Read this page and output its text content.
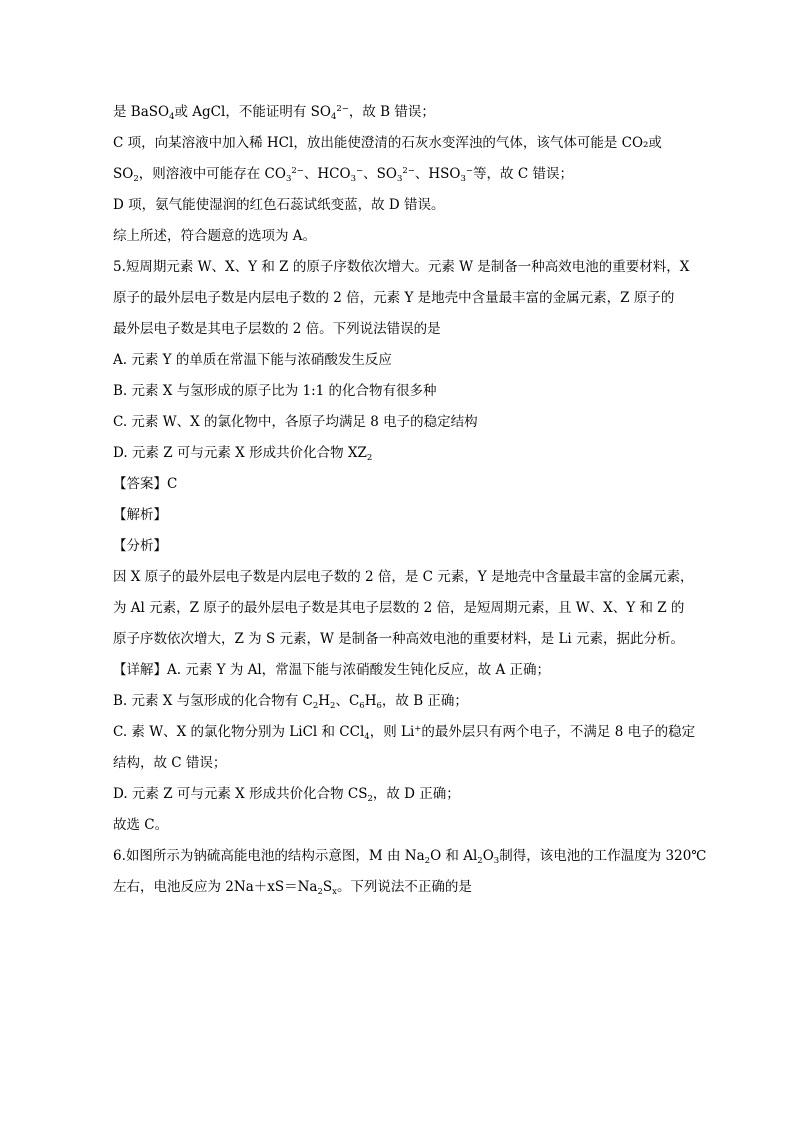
是 BaSO$_4$或 AgCl，不能证明有 $SO_4^{2-}$，故 B 错误；
C 项，向某溶液中加入稀 HCl，放出能使澄清的石灰水变浑浊的气体，该气体可能是 CO₂或
$SO_2$，则溶液中可能存在 $CO_3^{2-}$、$HCO_3^-$、$SO_3^{2-}$、$HSO_3^-$等，故 C 错误；
D 项，氨气能使湿润的红色石蕊试纸变蓝，故 D 错误。
综上所述，符合题意的选项为 A。
5.短周期元素 W、X、Y 和 Z 的原子序数依次增大。元素 W 是制备一种高效电池的重要材料，X
原子的最外层电子数是内层电子数的 2 倍，元素 Y 是地壳中含量最丰富的金属元素，Z 原子的
最外层电子数是其电子层数的 2 倍。下列说法错误的是
A. 元素 Y 的单质在常温下能与浓硝酸发生反应
B. 元素 X 与氢形成的原子比为 1:1 的化合物有很多种
C. 元素 W、X 的氯化物中，各原子均满足 8 电子的稳定结构
D. 元素 Z 可与元素 X 形成共价化合物 $XZ_2$
【答案】C
【解析】
【分析】
因 X 原子的最外层电子数是内层电子数的 2 倍，是 C 元素，Y 是地壳中含量最丰富的金属元素，
为 Al 元素，Z 原子的最外层电子数是其电子层数的 2 倍，是短周期元素，且 W、X、Y 和 Z 的
原子序数依次增大，Z 为 S 元素，W 是制备一种高效电池的重要材料，是 Li 元素，据此分析。
【详解】A. 元素 Y 为 Al，常温下能与浓硝酸发生钝化反应，故 A 正确；
B. 元素 X 与氢形成的化合物有 $C_2H_2$、$C_6H_6$，故 B 正确；
C. 素 W、X 的氯化物分别为 LiCl 和 CCl$_4$，则 Li+的最外层只有两个电子，不满足 8 电子的稳定
结构，故 C 错误；
D. 元素 Z 可与元素 X 形成共价化合物 $CS_2$，故 D 正确；
故选 C。
6.如图所示为钠硫高能电池的结构示意图，M 由 $Na_2O$ 和 $Al_2O_3$制得，该电池的工作温度为 320℃
左右，电池反应为 $2Na+xS=Na_2S_x$。下列说法不正确的是
